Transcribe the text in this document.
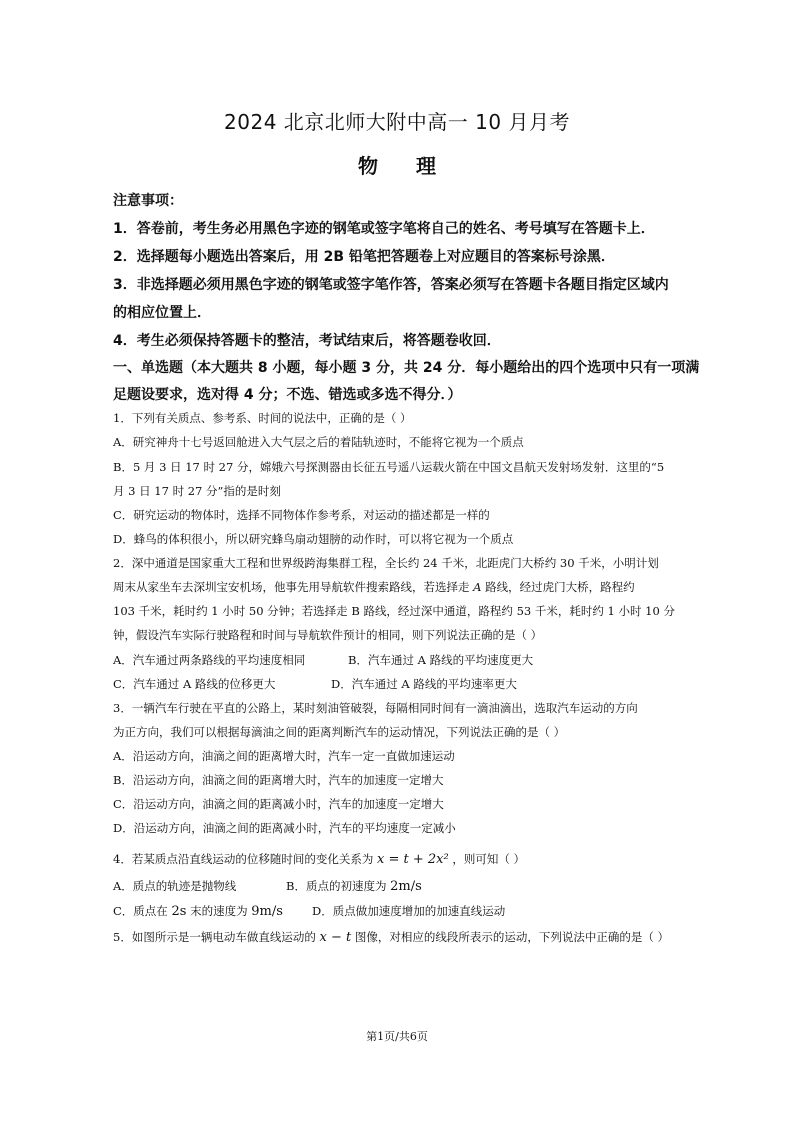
2024 北京北师大附中高一 10 月月考
物理
注意事项：
1．答卷前，考生务必用黑色字迹的钢笔或签字笔将自己的姓名、考号填写在答题卡上．
2．选择题每小题选出答案后，用 2B 铅笔把答题卷上对应题目的答案标号涂黑．
3．非选择题必须用黑色字迹的钢笔或签字笔作答，答案必须写在答题卡各题目指定区域内
的相应位置上．
4．考生必须保持答题卡的整洁，考试结束后，将答题卷收回．
一、单选题（本大题共 8 小题，每小题 3 分，共 24 分．每小题给出的四个选项中只有一项满
足题设要求，选对得 4 分；不选、错选或多选不得分．）
1．下列有关质点、参考系、时间的说法中，正确的是（ ）
A．研究神舟十七号返回舱进入大气层之后的着陆轨迹时，不能将它视为一个质点
B．5 月 3 日 17 时 27 分，嫦娥六号探测器由长征五号遥八运载火箭在中国文昌航天发射场发射．这里的“5
月 3 日 17 时 27 分”指的是时刻
C．研究运动的物体时，选择不同物体作参考系，对运动的描述都是一样的
D．蜂鸟的体积很小，所以研究蜂鸟扇动翅膀的动作时，可以将它视为一个质点
2．深中通道是国家重大工程和世界级跨海集群工程，全长约 24 千米，北距虎门大桥约 30 千米，小明计划
周末从家坐车去深圳宝安机场，他事先用导航软件搜索路线，若选择走 A 路线，经过虎门大桥，路程约
103 千米，耗时约 1 小时 50 分钟；若选择走 B 路线，经过深中通道，路程约 53 千米，耗时约 1 小时 10 分
钟，假设汽车实际行驶路程和时间与导航软件预计的相同，则下列说法正确的是（ ）
A．汽车通过两条路线的平均速度相同	B．汽车通过 A 路线的平均速度更大
C．汽车通过 A 路线的位移更大	D．汽车通过 A 路线的平均速率更大
3．一辆汽车行驶在平直的公路上，某时刻油管破裂，每隔相同时间有一滴油滴出，选取汽车运动的方向
为正方向，我们可以根据每滴油之间的距离判断汽车的运动情况，下列说法正确的是（ ）
A．沿运动方向，油滴之间的距离增大时，汽车一定一直做加速运动
B．沿运动方向，油滴之间的距离增大时，汽车的加速度一定增大
C．沿运动方向，油滴之间的距离减小时，汽车的加速度一定增大
D．沿运动方向，油滴之间的距离减小时，汽车的平均速度一定减小
4．若某质点沿直线运动的位移随时间的变化关系为 x = t + 2x² ，则可知（ ）
A．质点的轨迹是抛物线	B．质点的初速度为 2m/s
C．质点在 2s 末的速度为 9m/s	D．质点做加速度增加的加速直线运动
5．如图所示是一辆电动车做直线运动的 x − t 图像，对相应的线段所表示的运动，下列说法中正确的是（ ）
第1页/共6页
